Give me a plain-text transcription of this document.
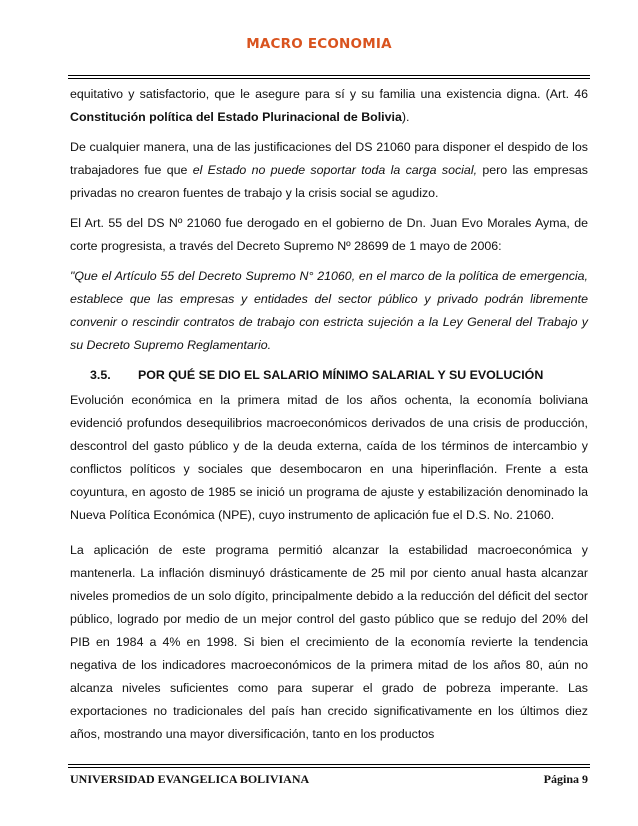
MACRO ECONOMIA

equitativo y satisfactorio, que le asegure para sí y su familia una existencia digna. (Art. 46 Constitución política del Estado Plurinacional de Bolivia).

De cualquier manera, una de las justificaciones del DS 21060 para disponer el despido de los trabajadores fue que el Estado no puede soportar toda la carga social, pero las empresas privadas no crearon fuentes de trabajo y la crisis social se agudizo.

El Art. 55 del DS Nº 21060 fue derogado en el gobierno de Dn. Juan Evo Morales Ayma, de corte progresista, a través del Decreto Supremo Nº 28699 de 1 mayo de 2006:

"Que el Artículo 55 del Decreto Supremo N° 21060, en el marco de la política de emergencia, establece que las empresas y entidades del sector público y privado podrán libremente convenir o rescindir contratos de trabajo con estricta sujeción a la Ley General del Trabajo y su Decreto Supremo Reglamentario.

3.5. POR QUÉ SE DIO EL SALARIO MÍNIMO SALARIAL Y SU EVOLUCIÓN

Evolución económica en la primera mitad de los años ochenta, la economía boliviana evidenció profundos desequilibrios macroeconómicos derivados de una crisis de producción, descontrol del gasto público y de la deuda externa, caída de los términos de intercambio y conflictos políticos y sociales que desembocaron en una hiperinflación. Frente a esta coyuntura, en agosto de 1985 se inició un programa de ajuste y estabilización denominado la Nueva Política Económica (NPE), cuyo instrumento de aplicación fue el D.S. No. 21060.

La aplicación de este programa permitió alcanzar la estabilidad macroeconómica y mantenerla. La inflación disminuyó drásticamente de 25 mil por ciento anual hasta alcanzar niveles promedios de un solo dígito, principalmente debido a la reducción del déficit del sector público, logrado por medio de un mejor control del gasto público que se redujo del 20% del PIB en 1984 a 4% en 1998. Si bien el crecimiento de la economía revierte la tendencia negativa de los indicadores macroeconómicos de la primera mitad de los años 80, aún no alcanza niveles suficientes como para superar el grado de pobreza imperante. Las exportaciones no tradicionales del país han crecido significativamente en los últimos diez años, mostrando una mayor diversificación, tanto en los productos

UNIVERSIDAD EVANGELICA BOLIVIANA	Página 9
